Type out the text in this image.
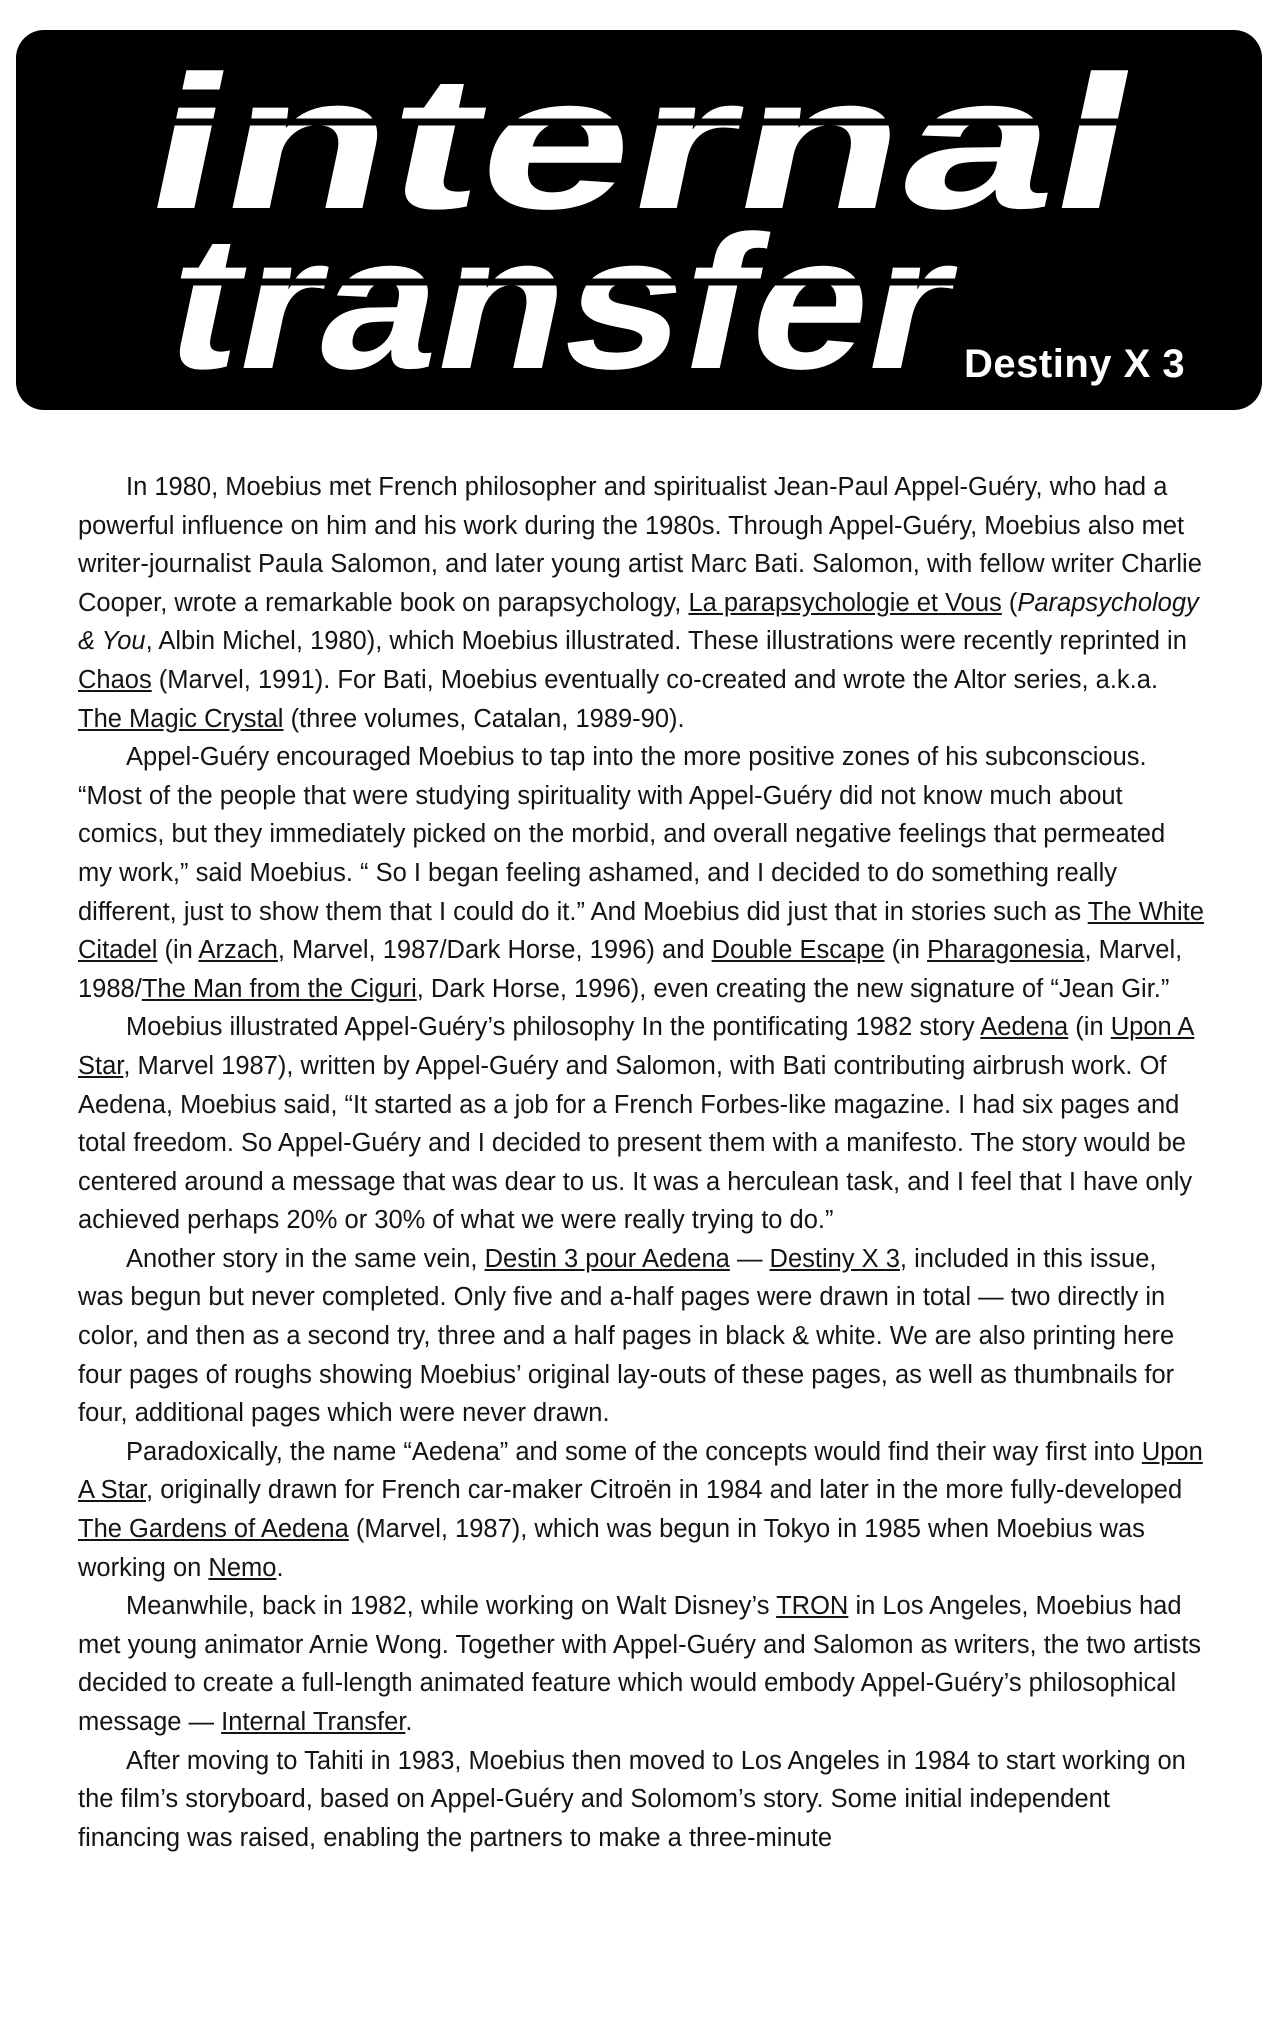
internal
transfer	Destiny X 3

In 1980, Moebius met French philosopher and spiritualist Jean-Paul Appel-Guéry, who had a powerful influence on him and his work during the 1980s. Through Appel-Guéry, Moebius also met writer-journalist Paula Salomon, and later young artist Marc Bati. Salomon, with fellow writer Charlie Cooper, wrote a remarkable book on parapsychology, La parapsychologie et Vous (Parapsychology & You, Albin Michel, 1980), which Moebius illustrated. These illustrations were recently reprinted in Chaos (Marvel, 1991). For Bati, Moebius eventually co-created and wrote the Altor series, a.k.a. The Magic Crystal (three volumes, Catalan, 1989-90).

Appel-Guéry encouraged Moebius to tap into the more positive zones of his subconscious. “Most of the people that were studying spirituality with Appel-Guéry did not know much about comics, but they immediately picked on the morbid, and overall negative feelings that permeated my work,” said Moebius. “ So I began feeling ashamed, and I decided to do something really different, just to show them that I could do it.” And Moebius did just that in stories such as The White Citadel (in Arzach, Marvel, 1987/Dark Horse, 1996) and Double Escape (in Pharagonesia, Marvel, 1988/The Man from the Ciguri, Dark Horse, 1996), even creating the new signature of “Jean Gir.”

Moebius illustrated Appel-Guéry’s philosophy In the pontificating 1982 story Aedena (in Upon A Star, Marvel 1987), written by Appel-Guéry and Salomon, with Bati contributing airbrush work. Of Aedena, Moebius said, “It started as a job for a French Forbes-like magazine. I had six pages and total freedom. So Appel-Guéry and I decided to present them with a manifesto. The story would be centered around a message that was dear to us. It was a herculean task, and I feel that I have only achieved perhaps 20% or 30% of what we were really trying to do.”

Another story in the same vein, Destin 3 pour Aedena — Destiny X 3, included in this issue, was begun but never completed. Only five and a-half pages were drawn in total — two directly in color, and then as a second try, three and a half pages in black & white. We are also printing here four pages of roughs showing Moebius’ original lay-outs of these pages, as well as thumbnails for four, additional pages which were never drawn.

Paradoxically, the name “Aedena” and some of the concepts would find their way first into Upon A Star, originally drawn for French car-maker Citroën in 1984 and later in the more fully-developed The Gardens of Aedena (Marvel, 1987), which was begun in Tokyo in 1985 when Moebius was working on Nemo.

Meanwhile, back in 1982, while working on Walt Disney’s TRON in Los Angeles, Moebius had met young animator Arnie Wong. Together with Appel-Guéry and Salomon as writers, the two artists decided to create a full-length animated feature which would embody Appel-Guéry’s philosophical message — Internal Transfer.

After moving to Tahiti in 1983, Moebius then moved to Los Angeles in 1984 to start working on the film’s storyboard, based on Appel-Guéry and Solomom’s story. Some initial independent financing was raised, enabling the partners to make a three-minute
